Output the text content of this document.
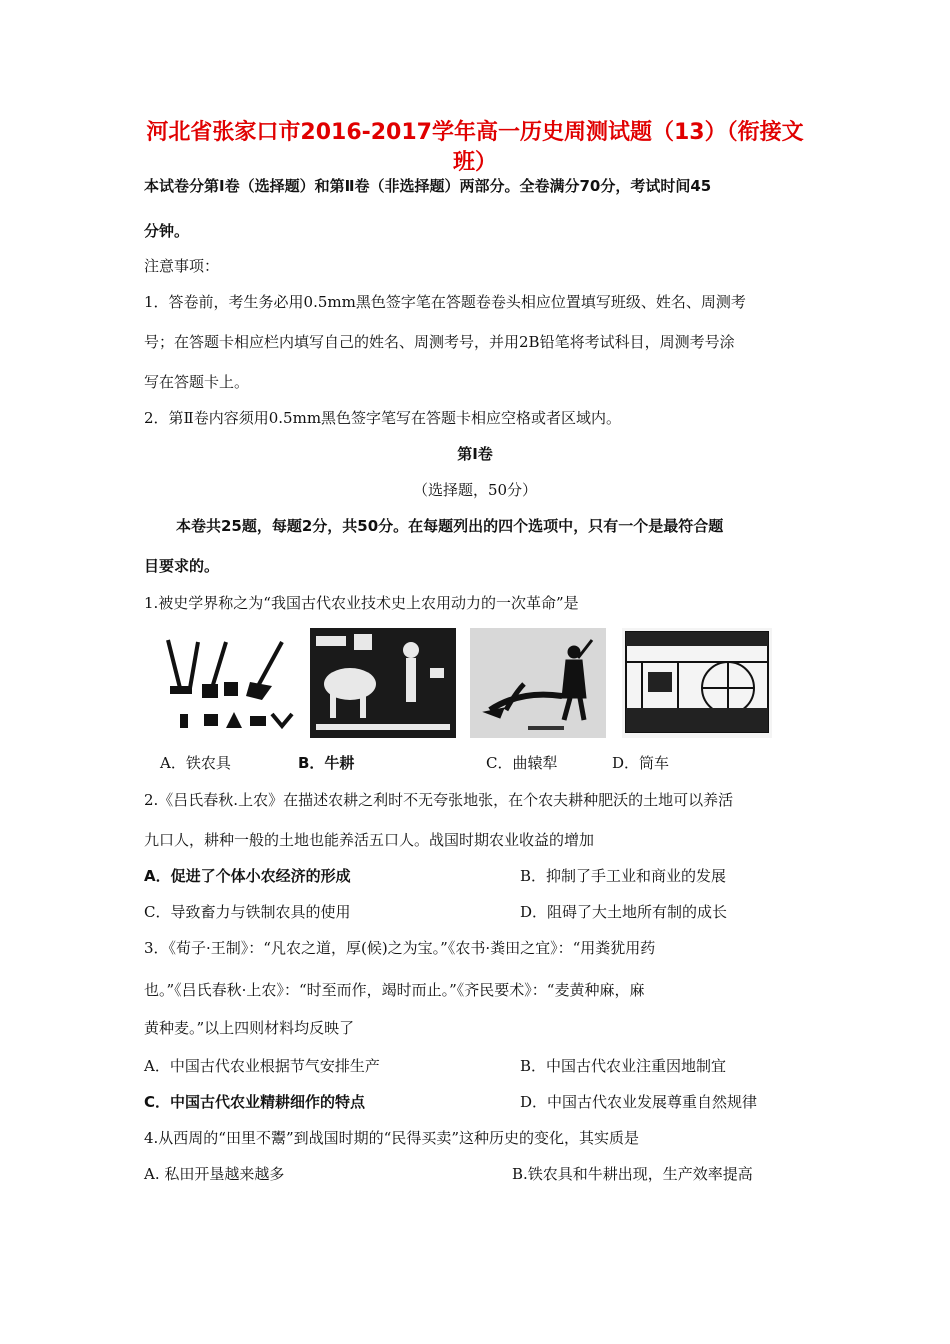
河北省张家口市2016-2017学年高一历史周测试题（13）（衔接文班）
本试卷分第Ⅰ卷（选择题）和第Ⅱ卷（非选择题）两部分。全卷满分70分，考试时间45
分钟。
注意事项：
1．答卷前，考生务必用0.5mm黑色签字笔在答题卷卷头相应位置填写班级、姓名、周测考
号；在答题卡相应栏内填写自己的姓名、周测考号，并用2B铅笔将考试科目，周测考号涂
写在答题卡上。
2．第Ⅱ卷内容须用0.5mm黑色签字笔写在答题卡相应空格或者区域内。
第Ⅰ卷
（选择题，50分）
本卷共25题，每题2分，共50分。在每题列出的四个选项中，只有一个是最符合题
目要求的。
1.被史学界称之为“我国古代农业技术史上农用动力的一次革命”是
A．铁农具	B．牛耕	C．曲辕犁	D．筒车
2.《吕氏春秋.上农》在描述农耕之利时不无夸张地张，在个农夫耕种肥沃的土地可以养活
九口人，耕种一般的土地也能养活五口人。战国时期农业收益的增加
A．促进了个体小农经济的形成	B．抑制了手工业和商业的发展
C．导致畜力与铁制农具的使用	D．阻碍了大土地所有制的成长
3．《荀子·王制》：“凡农之道，厚(候)之为宝。”《农书·粪田之宜》：“用粪犹用药
也。”《吕氏春秋·上农》：“时至而作，竭时而止。”《齐民要术》：“麦黄种麻，麻
黄种麦。”以上四则材料均反映了
A．中国古代农业根据节气安排生产	B．中国古代农业注重因地制宜
C．中国古代农业精耕细作的特点	D．中国古代农业发展尊重自然规律
4.从西周的“田里不鬻”到战国时期的“民得买卖”这种历史的变化，其实质是
A. 私田开垦越来越多	B.铁农具和牛耕出现，生产效率提高
